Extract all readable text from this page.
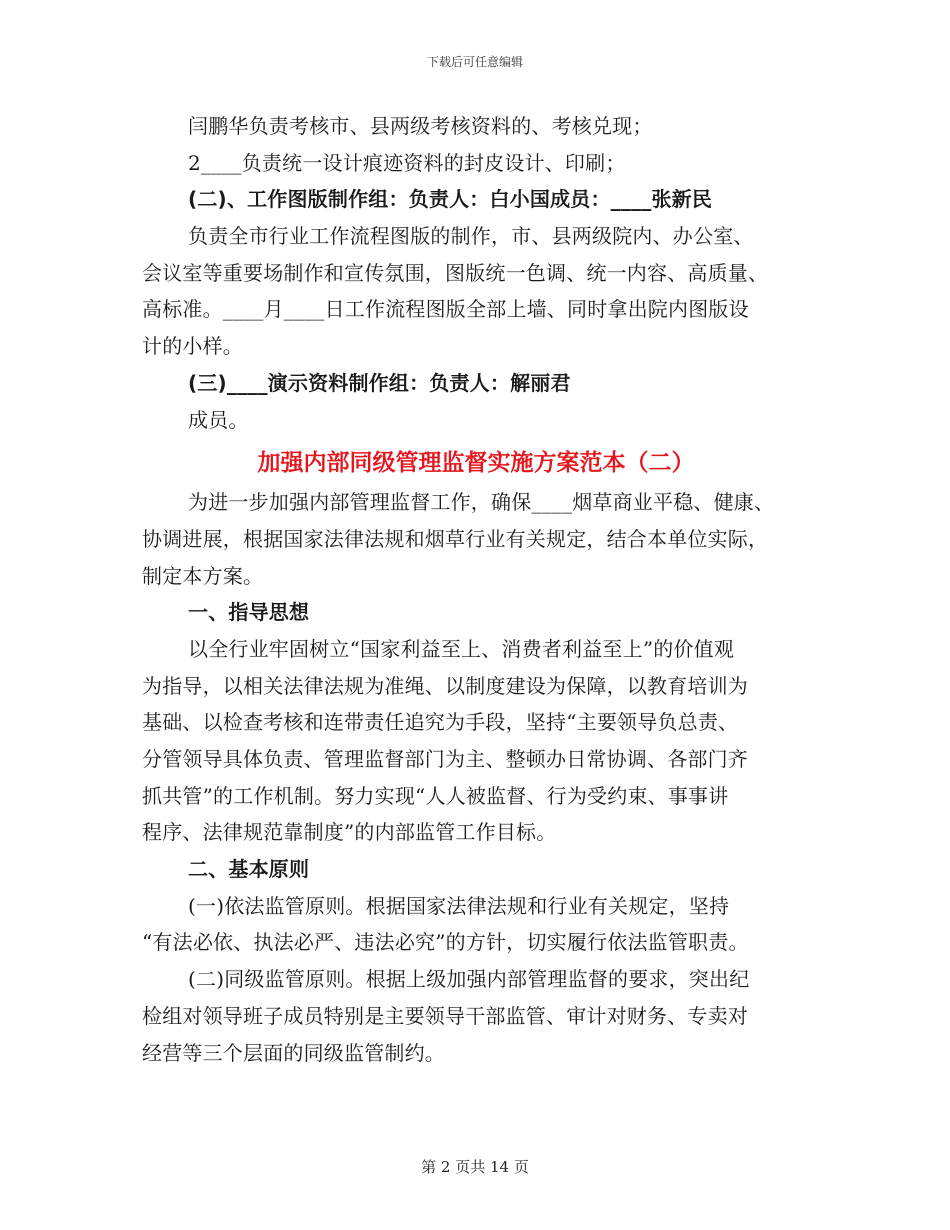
下载后可任意编辑
闫鹏华负责考核市、县两级考核资料的、考核兑现；
2____负责统一设计痕迹资料的封皮设计、印刷；
(二)、工作图版制作组：负责人：白小国成员：____张新民
负责全市行业工作流程图版的制作，市、县两级院内、办公室、
会议室等重要场制作和宣传氛围，图版统一色调、统一内容、高质量、
高标准。____月____日工作流程图版全部上墙、同时拿出院内图版设
计的小样。
(三)____演示资料制作组：负责人：解丽君
成员。
加强内部同级管理监督实施方案范本（二）
为进一步加强内部管理监督工作，确保____烟草商业平稳、健康、
协调进展，根据国家法律法规和烟草行业有关规定，结合本单位实际，
制定本方案。
一、指导思想
以全行业牢固树立“国家利益至上、消费者利益至上”的价值观
为指导，以相关法律法规为准绳、以制度建设为保障，以教育培训为
基础、以检查考核和连带责任追究为手段，坚持“主要领导负总责、
分管领导具体负责、管理监督部门为主、整顿办日常协调、各部门齐
抓共管”的工作机制。努力实现“人人被监督、行为受约束、事事讲
程序、法律规范靠制度”的内部监管工作目标。
二、基本原则
(一)依法监管原则。根据国家法律法规和行业有关规定，坚持
“有法必依、执法必严、违法必究”的方针，切实履行依法监管职责。
(二)同级监管原则。根据上级加强内部管理监督的要求，突出纪
检组对领导班子成员特别是主要领导干部监管、审计对财务、专卖对
经营等三个层面的同级监管制约。
第 2 页共 14 页
